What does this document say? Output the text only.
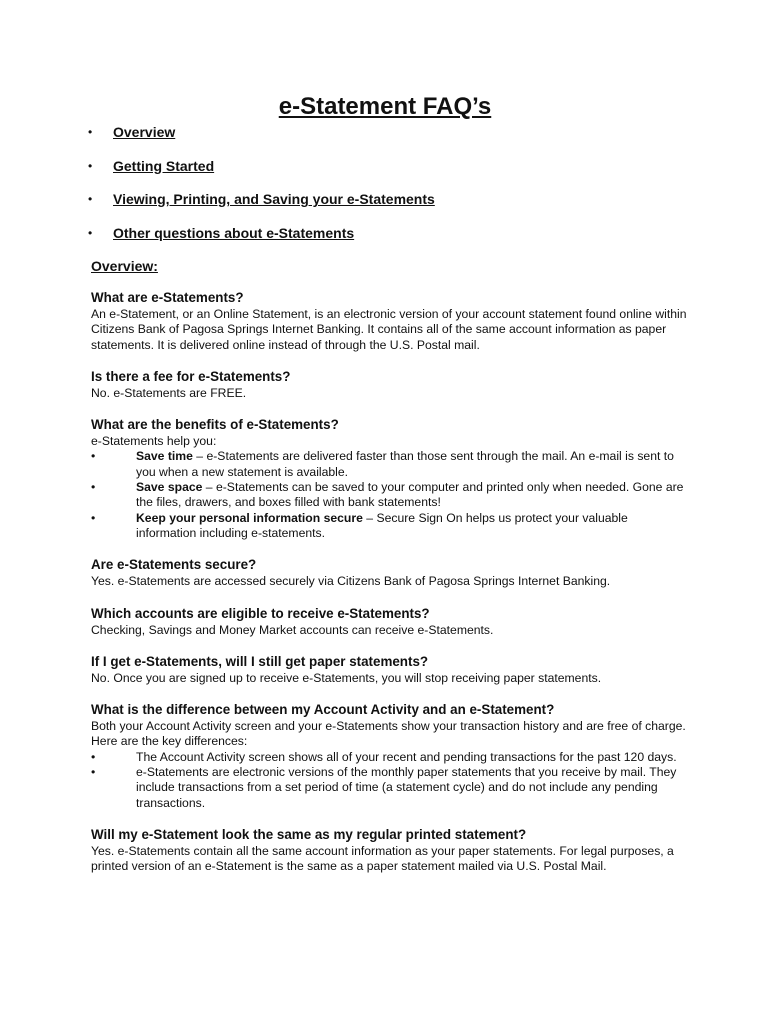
e-Statement FAQ’s
• Overview
• Getting Started
• Viewing, Printing, and Saving your e-Statements
• Other questions about e-Statements
Overview:
What are e-Statements?

An e-Statement, or an Online Statement, is an electronic version of your account statement found online within Citizens Bank of Pagosa Springs Internet Banking. It contains all of the same account information as paper statements. It is delivered online instead of through the U.S. Postal mail.

Is there a fee for e-Statements?

No. e-Statements are FREE.

What are the benefits of e-Statements?

e-Statements help you:

•	Save time – e-Statements are delivered faster than those sent through the mail. An e-mail is sent to you when a new statement is available.
•	Save space – e-Statements can be saved to your computer and printed only when needed. Gone are the files, drawers, and boxes filled with bank statements!
•	Keep your personal information secure – Secure Sign On helps us protect your valuable information including e-statements.
Are e-Statements secure?

Yes. e-Statements are accessed securely via Citizens Bank of Pagosa Springs Internet Banking.

Which accounts are eligible to receive e-Statements?

Checking, Savings and Money Market accounts can receive e-Statements.

If I get e-Statements, will I still get paper statements?

No. Once you are signed up to receive e-Statements, you will stop receiving paper statements.

What is the difference between my Account Activity and an e-Statement?

Both your Account Activity screen and your e-Statements show your transaction history and are free of charge. Here are the key differences:

•	The Account Activity screen shows all of your recent and pending transactions for the past 120 days.
•	e-Statements are electronic versions of the monthly paper statements that you receive by mail. They include transactions from a set period of time (a statement cycle) and do not include any pending transactions.
Will my e-Statement look the same as my regular printed statement?

Yes. e-Statements contain all the same account information as your paper statements. For legal purposes, a printed version of an e-Statement is the same as a paper statement mailed via U.S. Postal Mail.
